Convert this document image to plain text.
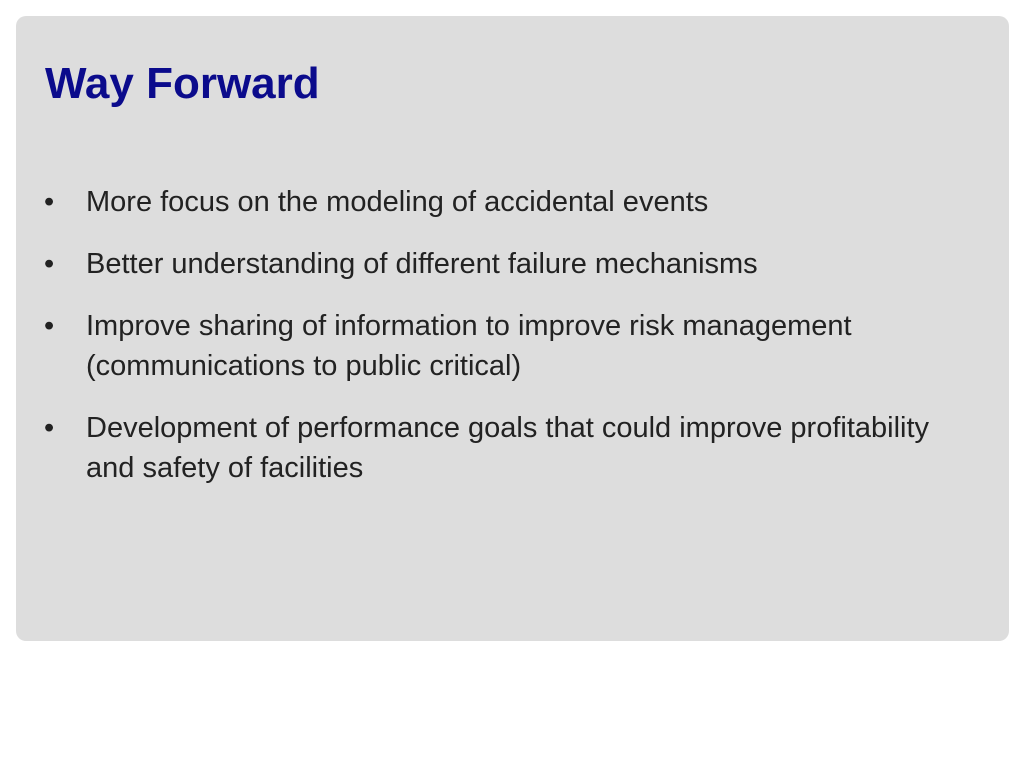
Way Forward
•	More focus on the modeling of accidental events
•	Better understanding of different failure mechanisms
•	Improve sharing of information to improve risk management (communications to public critical)
•	Development of performance goals that could improve profitability and safety of facilities
